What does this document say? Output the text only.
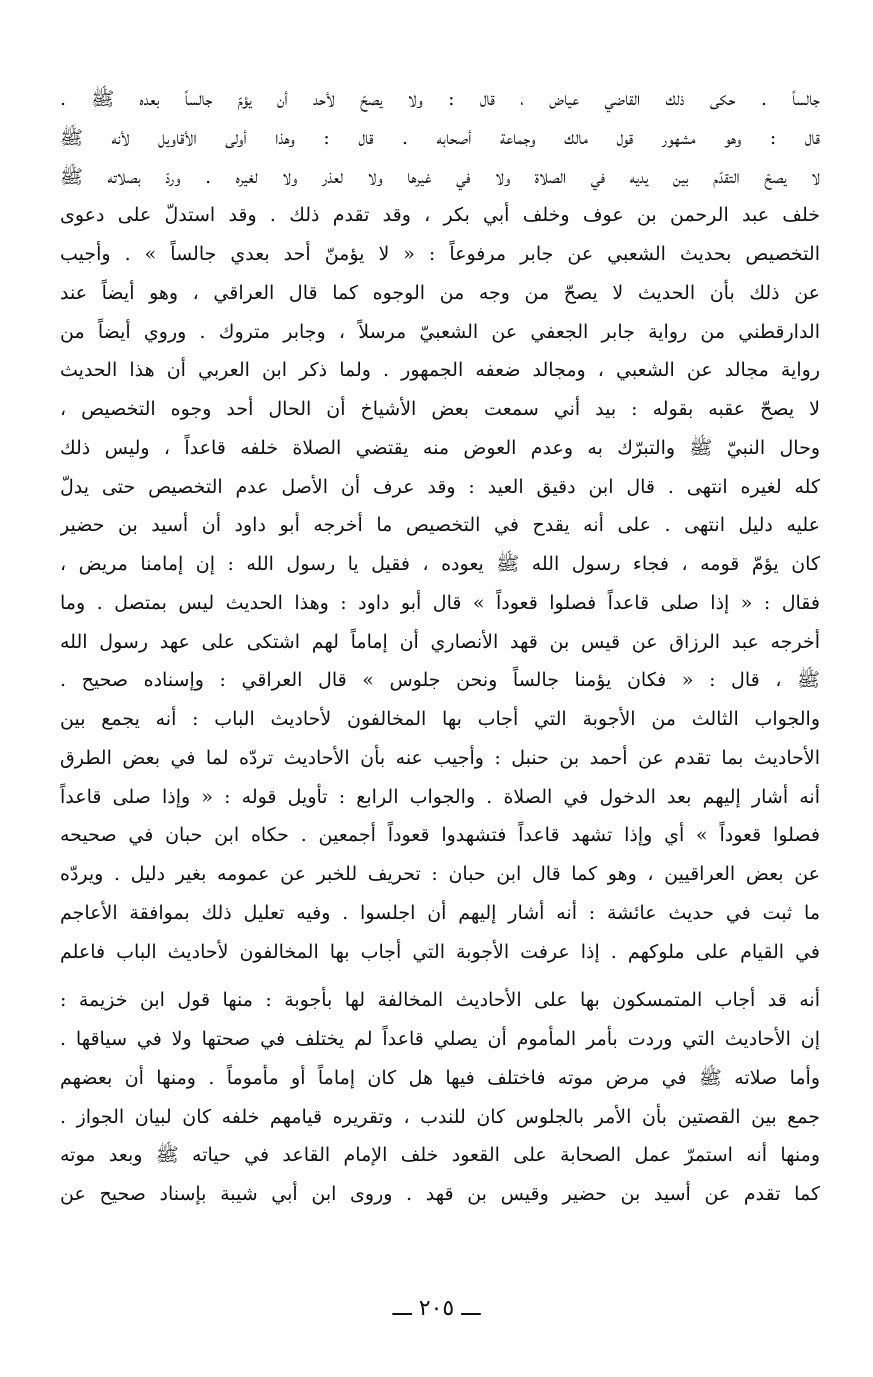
جالساً . حكى ذلك القاضي عياض ، قال : ولا يصحّ لأحد أن يؤمّ جالساً بعده ﷺ .
قال : وهو مشهور قول مالك وجماعة أصحابه . قال : وهذا أولى الأقاويل لأنه ﷺ
لا يصحّ التقدّم بين يديه في الصلاة ولا في غيرها ولا لعذر ولا لغيره . وردّ بصلاته ﷺ
خلف عبد الرحمن بن عوف وخلف أبي بكر ، وقد تقدم ذلك . وقد استدلّ على دعوى
التخصيص بحديث الشعبي عن جابر مرفوعاً : « لا يؤمنّ أحد بعدي جالساً » . وأجيب
عن ذلك بأن الحديث لا يصحّ من وجه من الوجوه كما قال العراقي ، وهو أيضاً عند
الدارقطني من رواية جابر الجعفي عن الشعبيّ مرسلاً ، وجابر متروك . وروي أيضاً من
رواية مجالد عن الشعبي ، ومجالد ضعفه الجمهور . ولما ذكر ابن العربي أن هذا الحديث
لا يصحّ عقبه بقوله : بيد أني سمعت بعض الأشياخ أن الحال أحد وجوه التخصيص ،
وحال النبيّ ﷺ والتبرّك به وعدم العوض منه يقتضي الصلاة خلفه قاعداً ، وليس ذلك
كله لغيره انتهى . قال ابن دقيق العيد : وقد عرف أن الأصل عدم التخصيص حتى يدلّ
عليه دليل انتهى . على أنه يقدح في التخصيص ما أخرجه أبو داود أن أسيد بن حضير
كان يؤمّ قومه ، فجاء رسول الله ﷺ يعوده ، فقيل يا رسول الله : إن إمامنا مريض ،
فقال : « إذا صلى قاعداً فصلوا قعوداً » قال أبو داود : وهذا الحديث ليس بمتصل . وما
أخرجه عبد الرزاق عن قيس بن قهد الأنصاري أن إماماً لهم اشتكى على عهد رسول الله
ﷺ ، قال : « فكان يؤمنا جالساً ونحن جلوس » قال العراقي : وإسناده صحيح .
والجواب الثالث من الأجوبة التي أجاب بها المخالفون لأحاديث الباب : أنه يجمع بين
الأحاديث بما تقدم عن أحمد بن حنبل : وأجيب عنه بأن الأحاديث تردّه لما في بعض الطرق
أنه أشار إليهم بعد الدخول في الصلاة . والجواب الرابع : تأويل قوله : « وإذا صلى قاعداً
فصلوا قعوداً » أي وإذا تشهد قاعداً فتشهدوا قعوداً أجمعين . حكاه ابن حبان في صحيحه
عن بعض العراقيين ، وهو كما قال ابن حبان : تحريف للخبر عن عمومه بغير دليل . ويردّه
ما ثبت في حديث عائشة : أنه أشار إليهم أن اجلسوا . وفيه تعليل ذلك بموافقة الأعاجم
في القيام على ملوكهم . إذا عرفت الأجوبة التي أجاب بها المخالفون لأحاديث الباب فاعلم
أنه قد أجاب المتمسكون بها على الأحاديث المخالفة لها بأجوبة : منها قول ابن خزيمة :
إن الأحاديث التي وردت بأمر المأموم أن يصلي قاعداً لم يختلف في صحتها ولا في سياقها .
وأما صلاته ﷺ في مرض موته فاختلف فيها هل كان إماماً أو مأموماً . ومنها أن بعضهم
جمع بين القصتين بأن الأمر بالجلوس كان للندب ، وتقريره قيامهم خلفه كان لبيان الجواز .
ومنها أنه استمرّ عمل الصحابة على القعود خلف الإمام القاعد في حياته ﷺ وبعد موته
كما تقدم عن أسيد بن حضير وقيس بن قهد . وروى ابن أبي شيبة بإسناد صحيح عن
ـــ ٢٠٥ ـــ
